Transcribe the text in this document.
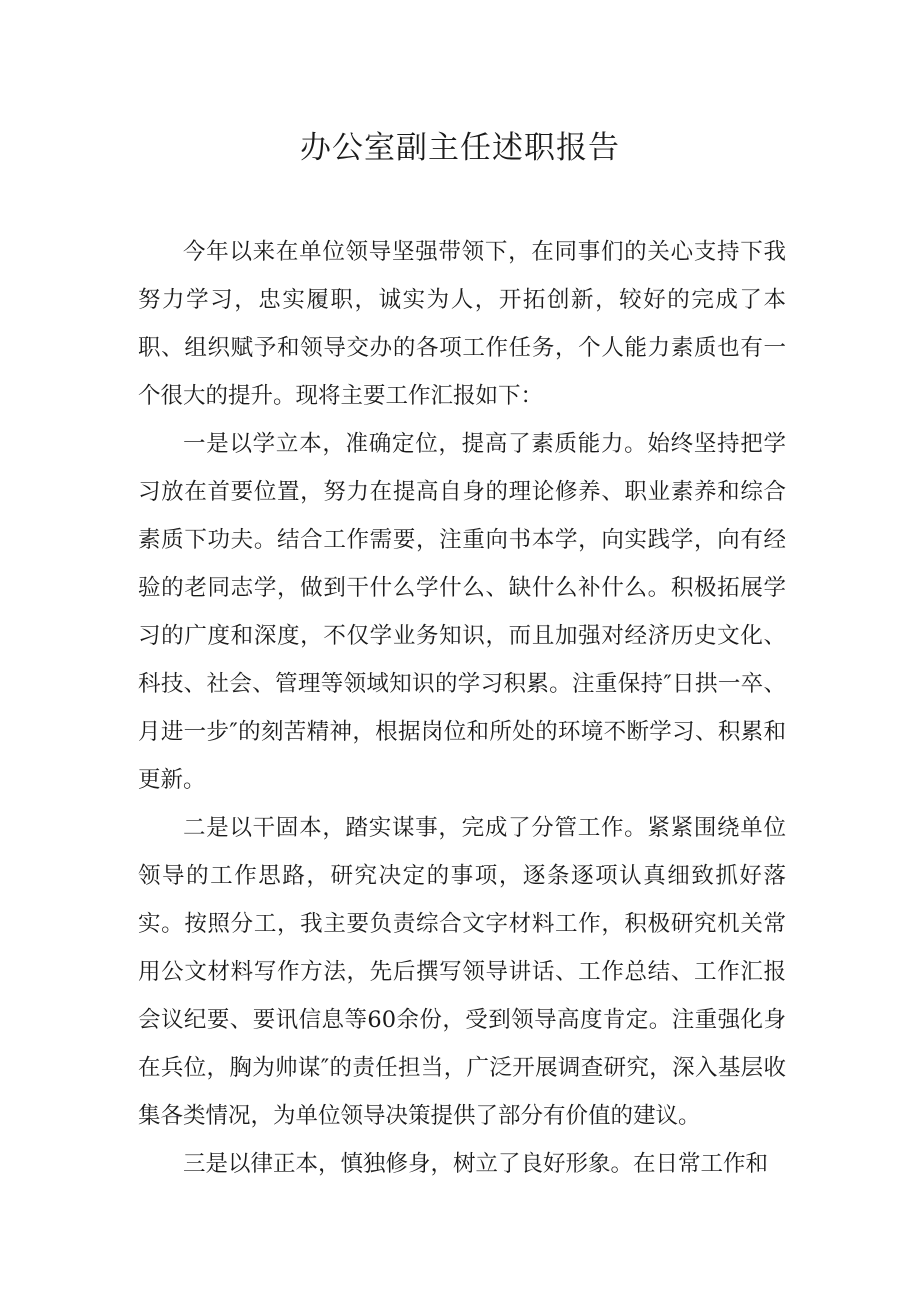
办公室副主任述职报告

今年以来在单位领导坚强带领下，在同事们的关心支持下我努力学习，忠实履职，诚实为人，开拓创新，较好的完成了本职、组织赋予和领导交办的各项工作任务，个人能力素质也有一个很大的提升。现将主要工作汇报如下：

一是以学立本，准确定位，提高了素质能力。始终坚持把学习放在首要位置，努力在提高自身的理论修养、职业素养和综合素质下功夫。结合工作需要，注重向书本学，向实践学，向有经验的老同志学，做到干什么学什么、缺什么补什么。积极拓展学习的广度和深度，不仅学业务知识，而且加强对经济历史文化、科技、社会、管理等领域知识的学习积累。注重保持″日拱一卒、月进一步″的刻苦精神，根据岗位和所处的环境不断学习、积累和更新。

二是以干固本，踏实谋事，完成了分管工作。紧紧围绕单位领导的工作思路，研究决定的事项，逐条逐项认真细致抓好落实。按照分工，我主要负责综合文字材料工作，积极研究机关常用公文材料写作方法，先后撰写领导讲话、工作总结、工作汇报会议纪要、要讯信息等60余份，受到领导高度肯定。注重强化身在兵位，胸为帅谋″的责任担当，广泛开展调查研究，深入基层收集各类情况，为单位领导决策提供了部分有价值的建议。

三是以律正本，慎独修身，树立了良好形象。在日常工作和
